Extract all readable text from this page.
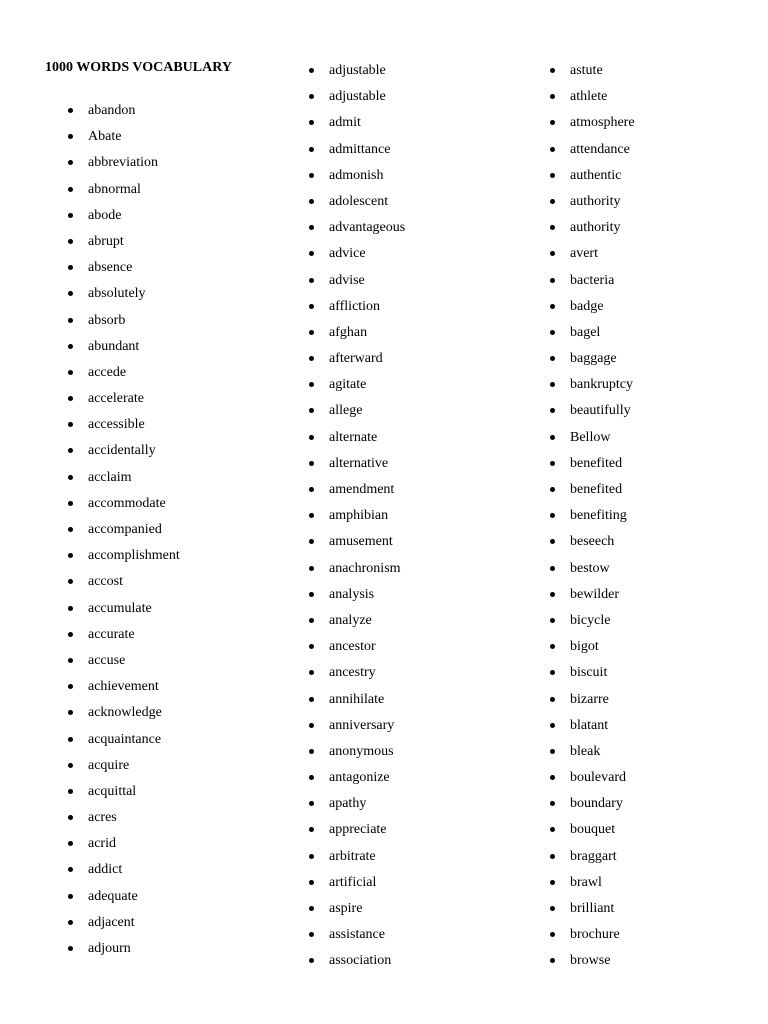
1000 WORDS VOCABULARY
abandon
Abate
abbreviation
abnormal
abode
abrupt
absence
absolutely
absorb
abundant
accede
accelerate
accessible
accidentally
acclaim
accommodate
accompanied
accomplishment
accost
accumulate
accurate
accuse
achievement
acknowledge
acquaintance
acquire
acquittal
acres
acrid
addict
adequate
adjacent
adjourn
adjustable
adjustable
admit
admittance
admonish
adolescent
advantageous
advice
advise
affliction
afghan
afterward
agitate
allege
alternate
alternative
amendment
amphibian
amusement
anachronism
analysis
analyze
ancestor
ancestry
annihilate
anniversary
anonymous
antagonize
apathy
appreciate
arbitrate
artificial
aspire
assistance
association
astute
athlete
atmosphere
attendance
authentic
authority
authority
avert
bacteria
badge
bagel
baggage
bankruptcy
beautifully
Bellow
benefited
benefited
benefiting
beseech
bestow
bewilder
bicycle
bigot
biscuit
bizarre
blatant
bleak
boulevard
boundary
bouquet
braggart
brawl
brilliant
brochure
browse
